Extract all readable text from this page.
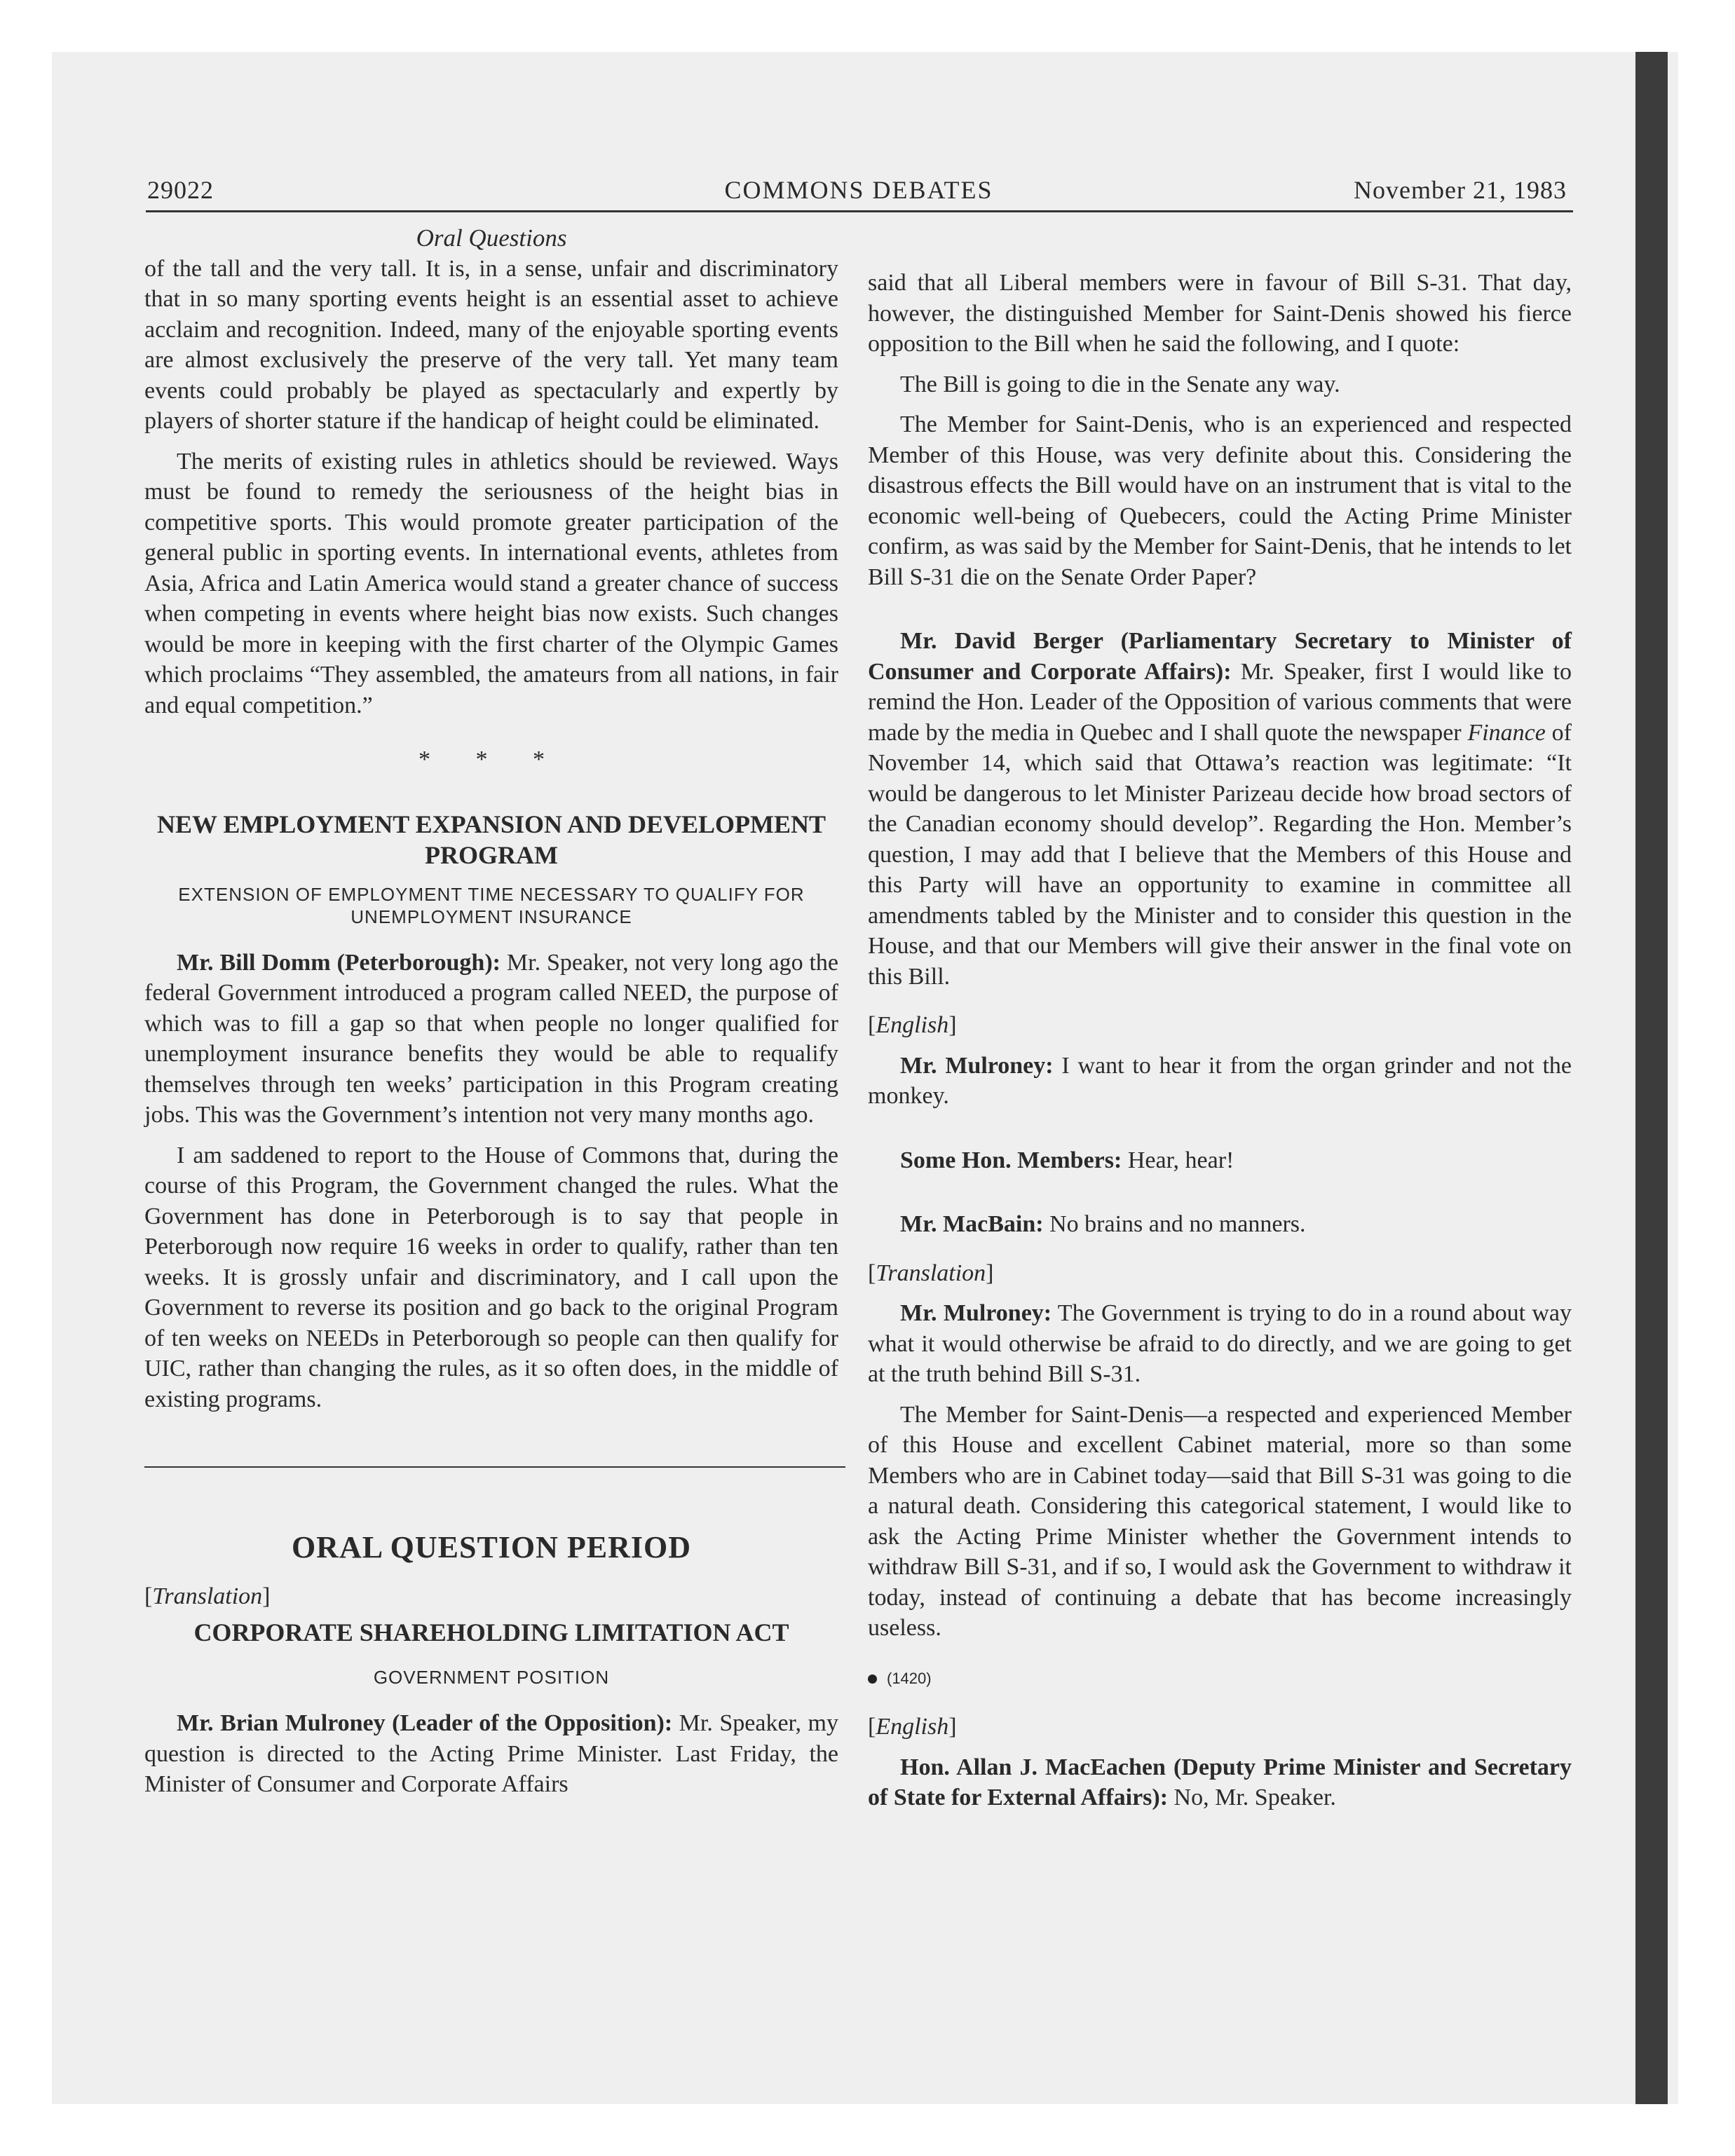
29022	COMMONS DEBATES	November 21, 1983
Oral Questions

of the tall and the very tall. It is, in a sense, unfair and discriminatory that in so many sporting events height is an essential asset to achieve acclaim and recognition. Indeed, many of the enjoyable sporting events are almost exclusively the preserve of the very tall. Yet many team events could probably be played as spectacularly and expertly by players of shorter stature if the handicap of height could be eliminated.

The merits of existing rules in athletics should be reviewed. Ways must be found to remedy the seriousness of the height bias in competitive sports. This would promote greater participation of the general public in sporting events. In international events, athletes from Asia, Africa and Latin America would stand a greater chance of success when competing in events where height bias now exists. Such changes would be more in keeping with the first charter of the Olympic Games which proclaims “They assembled, the amateurs from all nations, in fair and equal competition.”

* * *
NEW EMPLOYMENT EXPANSION AND DEVELOPMENT PROGRAM
EXTENSION OF EMPLOYMENT TIME NECESSARY TO QUALIFY FOR UNEMPLOYMENT INSURANCE

Mr. Bill Domm (Peterborough): Mr. Speaker, not very long ago the federal Government introduced a program called NEED, the purpose of which was to fill a gap so that when people no longer qualified for unemployment insurance benefits they would be able to requalify themselves through ten weeks’ participation in this Program creating jobs. This was the Government’s intention not very many months ago.

I am saddened to report to the House of Commons that, during the course of this Program, the Government changed the rules. What the Government has done in Peterborough is to say that people in Peterborough now require 16 weeks in order to qualify, rather than ten weeks. It is grossly unfair and discriminatory, and I call upon the Government to reverse its position and go back to the original Program of ten weeks on NEEDs in Peterborough so people can then qualify for UIC, rather than changing the rules, as it so often does, in the middle of existing programs.

ORAL QUESTION PERIOD

[Translation]

CORPORATE SHAREHOLDING LIMITATION ACT
GOVERNMENT POSITION

Mr. Brian Mulroney (Leader of the Opposition): Mr. Speaker, my question is directed to the Acting Prime Minister. Last Friday, the Minister of Consumer and Corporate Affairs

said that all Liberal members were in favour of Bill S-31. That day, however, the distinguished Member for Saint-Denis showed his fierce opposition to the Bill when he said the following, and I quote:

The Bill is going to die in the Senate any way.

The Member for Saint-Denis, who is an experienced and respected Member of this House, was very definite about this. Considering the disastrous effects the Bill would have on an instrument that is vital to the economic well-being of Quebecers, could the Acting Prime Minister confirm, as was said by the Member for Saint-Denis, that he intends to let Bill S-31 die on the Senate Order Paper?

Mr. David Berger (Parliamentary Secretary to Minister of Consumer and Corporate Affairs): Mr. Speaker, first I would like to remind the Hon. Leader of the Opposition of various comments that were made by the media in Quebec and I shall quote the newspaper Finance of November 14, which said that Ottawa’s reaction was legitimate: “It would be dangerous to let Minister Parizeau decide how broad sectors of the Canadian economy should develop”. Regarding the Hon. Member’s question, I may add that I believe that the Members of this House and this Party will have an opportunity to examine in committee all amendments tabled by the Minister and to consider this question in the House, and that our Members will give their answer in the final vote on this Bill.

[English]

Mr. Mulroney: I want to hear it from the organ grinder and not the monkey.

Some Hon. Members: Hear, hear!

Mr. MacBain: No brains and no manners.

[Translation]

Mr. Mulroney: The Government is trying to do in a round about way what it would otherwise be afraid to do directly, and we are going to get at the truth behind Bill S-31.

The Member for Saint-Denis—a respected and experienced Member of this House and excellent Cabinet material, more so than some Members who are in Cabinet today—said that Bill S-31 was going to die a natural death. Considering this categorical statement, I would like to ask the Acting Prime Minister whether the Government intends to withdraw Bill S-31, and if so, I would ask the Government to withdraw it today, instead of continuing a debate that has become increasingly useless.

(1420)

[English]

Hon. Allan J. MacEachen (Deputy Prime Minister and Secretary of State for External Affairs): No, Mr. Speaker.
